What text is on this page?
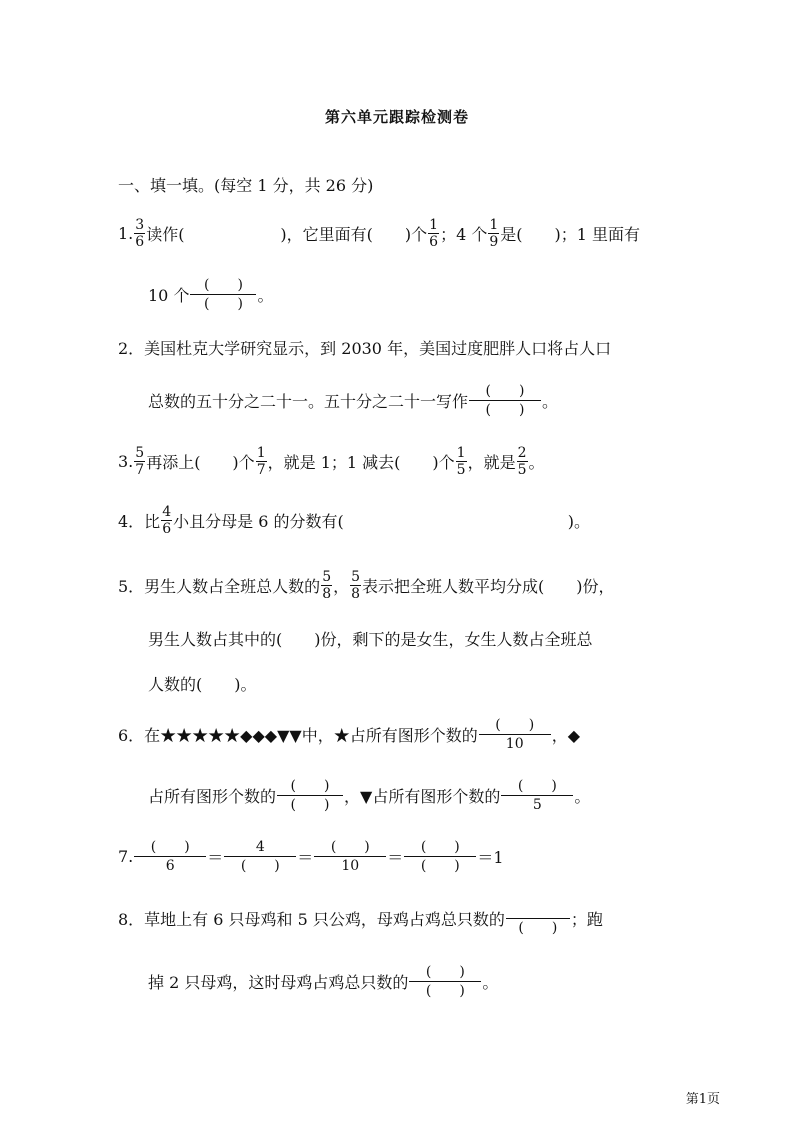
第六单元跟踪检测卷
一、填一填。(每空 1 分，共 26 分)
1. $\frac{3}{6}$ 读作(　　　　　　)，它里面有(　　)个 $\frac{1}{6}$ ；4 个 $\frac{1}{9}$ 是(　　)；1 里面有
10 个 $\frac{( )}{( )}$ 。
2．美国杜克大学研究显示，到 2030 年，美国过度肥胖人口将占人口
总数的五十分之二十一。五十分之二十一写作 $\frac{( )}{( )}$ 。
3. $\frac{5}{7}$ 再添上(　　)个 $\frac{1}{7}$ ，就是 1；1 减去(　　)个 $\frac{1}{5}$ ，就是 $\frac{2}{5}$ 。
4．比 $\frac{4}{6}$ 小且分母是 6 的分数有(　　　　　　　　　　　　　　)。
5．男生人数占全班总人数的 $\frac{5}{8}$ ， $\frac{5}{8}$ 表示把全班人数平均分成(　　)份，
男生人数占其中的(　　)份，剩下的是女生，女生人数占全班总
人数的(　　)。
6．在★★★★★◆◆◆▼▼中，★占所有图形个数的 $\frac{( )}{10}$ ，◆
占所有图形个数的 $\frac{( )}{( )}$ ，▼占所有图形个数的 $\frac{( )}{5}$ 。
7. $\frac{( )}{6} = \frac{4}{( )} = \frac{( )}{10} = \frac{( )}{( )} =1$
8．草地上有 6 只母鸡和 5 只公鸡，母鸡占鸡总只数的 (　　) ；跑
掉 2 只母鸡，这时母鸡占鸡总只数的 $\frac{( )}{( )}$ 。
第1页
